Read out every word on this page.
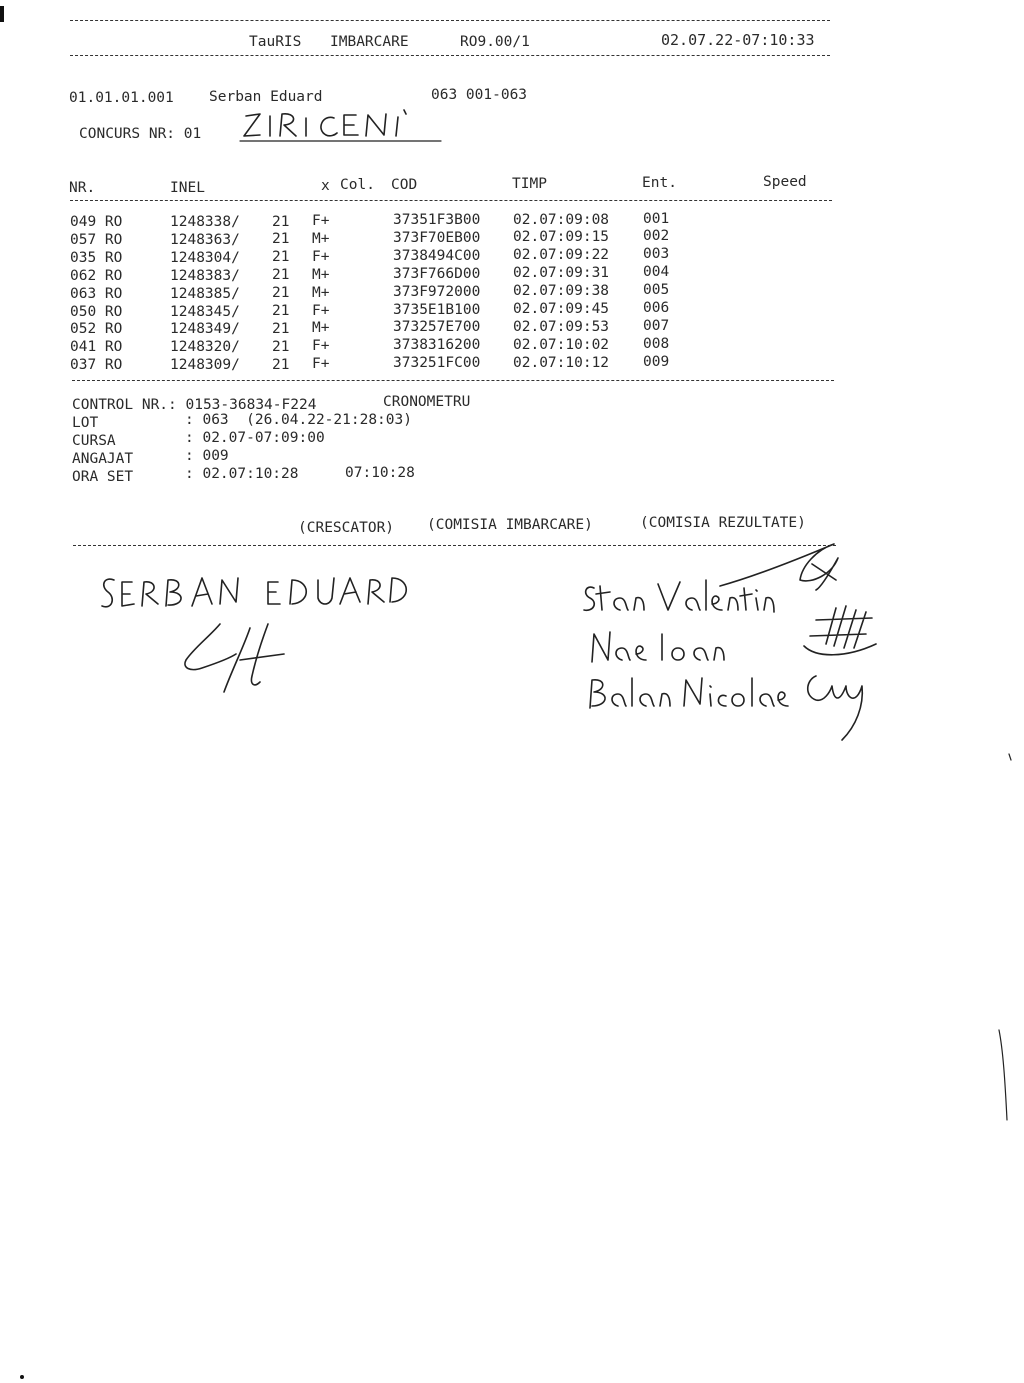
TauRIS IMBARCARE	RO9.00/1	02.07.22-07:10:33
01.01.01.001 Serban Eduard	063 001-063
CONCURS NR: 01
NR.	INEL	x Col. COD	TIMP	Ent.	Speed
049 RO	1248338/ 21 F+	37351F3B00 02.07:09:08 001
057 RO	1248363/ 21 M+	373F70EB00 02.07:09:15 002
035 RO	1248304/ 21 F+	3738494C00 02.07:09:22 003
062 RO	1248383/ 21 M+	373F766D00 02.07:09:31 004
063 RO	1248385/ 21 M+	373F972000 02.07:09:38 005
050 RO	1248345/ 21 F+	3735E1B100 02.07:09:45 006
052 RO	1248349/ 21 M+	373257E700 02.07:09:53 007
041 RO	1248320/ 21 F+	3738316200 02.07:10:02 008
037 RO	1248309/ 21 F+	373251FC00 02.07:10:12 009
CONTROL NR.: 0153-36834-F224	CRONOMETRU
LOT	: 063  (26.04.22-21:28:03)
CURSA	: 02.07-07:09:00
ANGAJAT	: 009
ORA SET	: 02.07:10:28	07:10:28
(CRESCATOR) (COMISIA IMBARCARE)	(COMISIA REZULTATE)
